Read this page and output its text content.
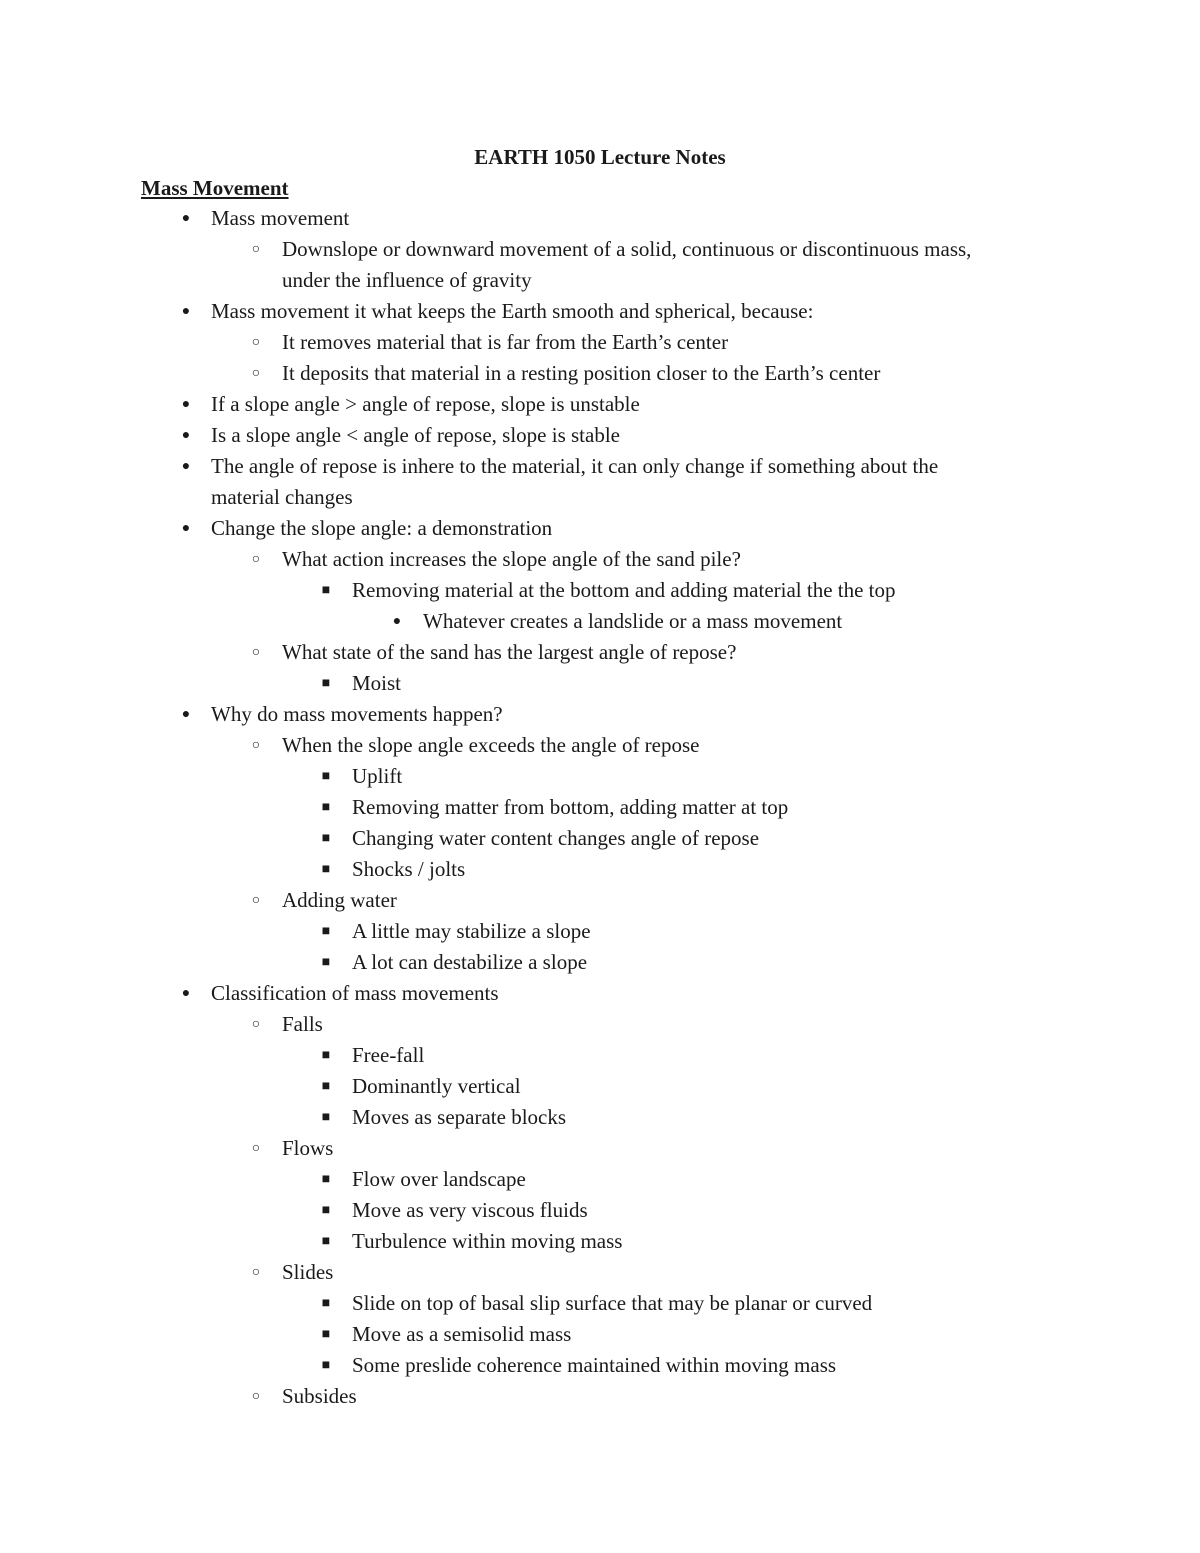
EARTH 1050 Lecture Notes
Mass Movement
● Mass movement
○ Downslope or downward movement of a solid, continuous or discontinuous mass,
under the influence of gravity
● Mass movement it what keeps the Earth smooth and spherical, because:
○ It removes material that is far from the Earth’s center
○ It deposits that material in a resting position closer to the Earth’s center
● If a slope angle > angle of repose, slope is unstable
● Is a slope angle < angle of repose, slope is stable
● The angle of repose is inhere to the material, it can only change if something about the
material changes
● Change the slope angle: a demonstration
○ What action increases the slope angle of the sand pile?
■ Removing material at the bottom and adding material the the top
● Whatever creates a landslide or a mass movement
○ What state of the sand has the largest angle of repose?
■ Moist
● Why do mass movements happen?
○ When the slope angle exceeds the angle of repose
■ Uplift
■ Removing matter from bottom, adding matter at top
■ Changing water content changes angle of repose
■ Shocks / jolts
○ Adding water
■ A little may stabilize a slope
■ A lot can destabilize a slope
● Classification of mass movements
○ Falls
■ Free-fall
■ Dominantly vertical
■ Moves as separate blocks
○ Flows
■ Flow over landscape
■ Move as very viscous fluids
■ Turbulence within moving mass
○ Slides
■ Slide on top of basal slip surface that may be planar or curved
■ Move as a semisolid mass
■ Some preslide coherence maintained within moving mass
○ Subsides
